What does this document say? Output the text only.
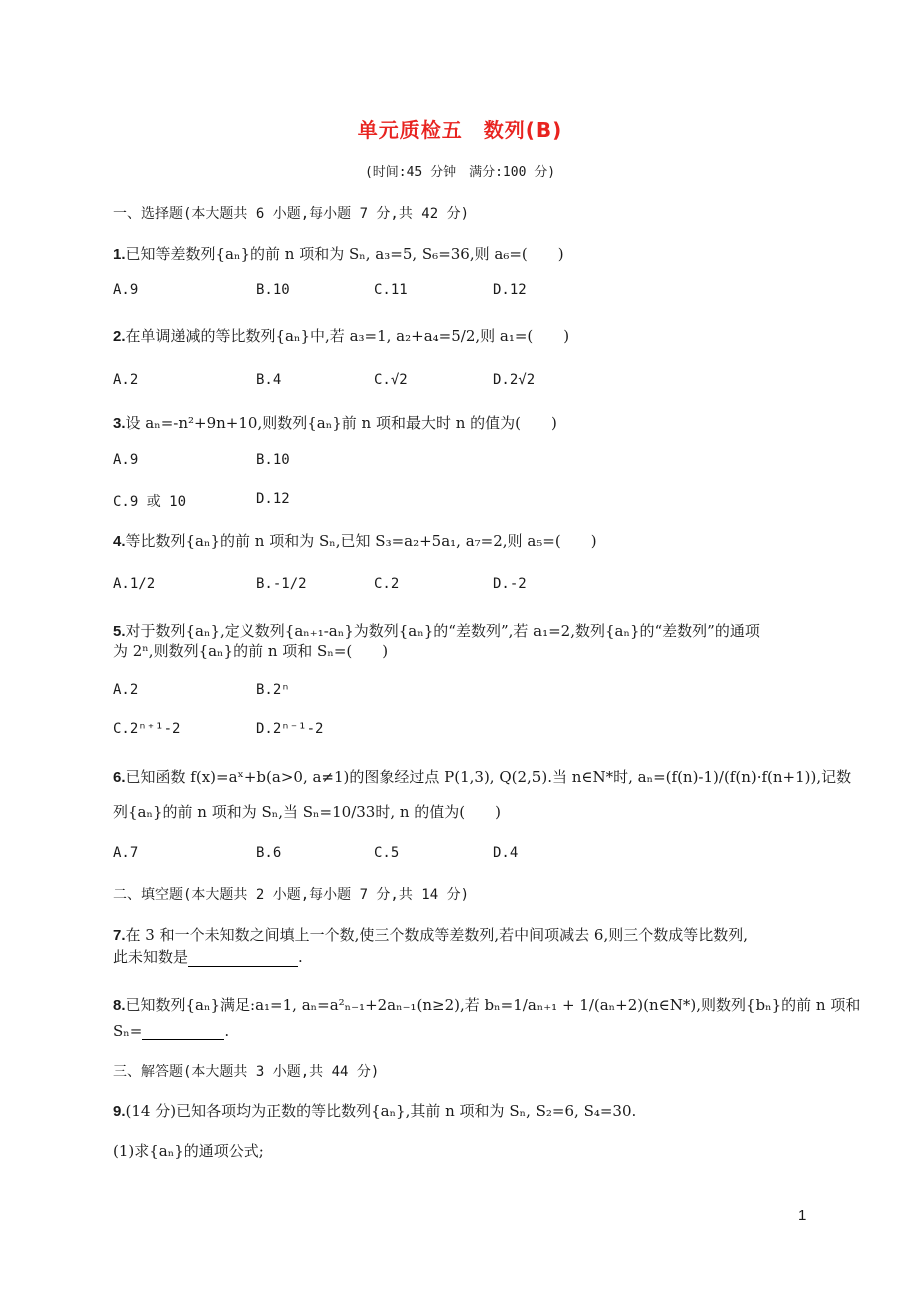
单元质检五　数列(B)
(时间:45 分钟　满分:100 分)
一、选择题(本大题共 6 小题,每小题 7 分,共 42 分)
1.已知等差数列{aₙ}的前 n 项和为 Sₙ, a₃=5, S₆=36,则 a₆=(　　)
A.9	B.10	C.11	D.12
2.在单调递减的等比数列{aₙ}中,若 a₃=1, a₂+a₄=5/2,则 a₁=(　　)
A.2	B.4	C.√2	D.2√2
3.设 aₙ=-n²+9n+10,则数列{aₙ}前 n 项和最大时 n 的值为(　　)
A.9	B.10
C.9 或 10	D.12
4.等比数列{aₙ}的前 n 项和为 Sₙ,已知 S₃=a₂+5a₁, a₇=2,则 a₅=(　　)
A.1/2	B.-1/2	C.2	D.-2
5.对于数列{aₙ},定义数列{aₙ₊₁-aₙ}为数列{aₙ}的“差数列”,若 a₁=2,数列{aₙ}的“差数列”的通项
为 2ⁿ,则数列{aₙ}的前 n 项和 Sₙ=(　　)
A.2	B.2ⁿ
C.2ⁿ⁺¹-2	D.2ⁿ⁻¹-2
6.已知函数 f(x)=aˣ+b(a>0, a≠1)的图象经过点 P(1,3), Q(2,5).当 n∈N*时, aₙ=(f(n)-1)/(f(n)·f(n+1)),记数
列{aₙ}的前 n 项和为 Sₙ,当 Sₙ=10/33时, n 的值为(　　)
A.7	B.6	C.5	D.4
二、填空题(本大题共 2 小题,每小题 7 分,共 14 分)
7.在 3 和一个未知数之间填上一个数,使三个数成等差数列,若中间项减去 6,则三个数成等比数列,
此未知数是	.
8.已知数列{aₙ}满足:a₁=1, aₙ=a²ₙ₋₁+2aₙ₋₁(n≥2),若 bₙ=1/aₙ₊₁ + 1/(aₙ+2)(n∈N*),则数列{bₙ}的前 n 项和
Sₙ=	.
三、解答题(本大题共 3 小题,共 44 分)
9.(14 分)已知各项均为正数的等比数列{aₙ},其前 n 项和为 Sₙ, S₂=6, S₄=30.
(1)求{aₙ}的通项公式;
1
